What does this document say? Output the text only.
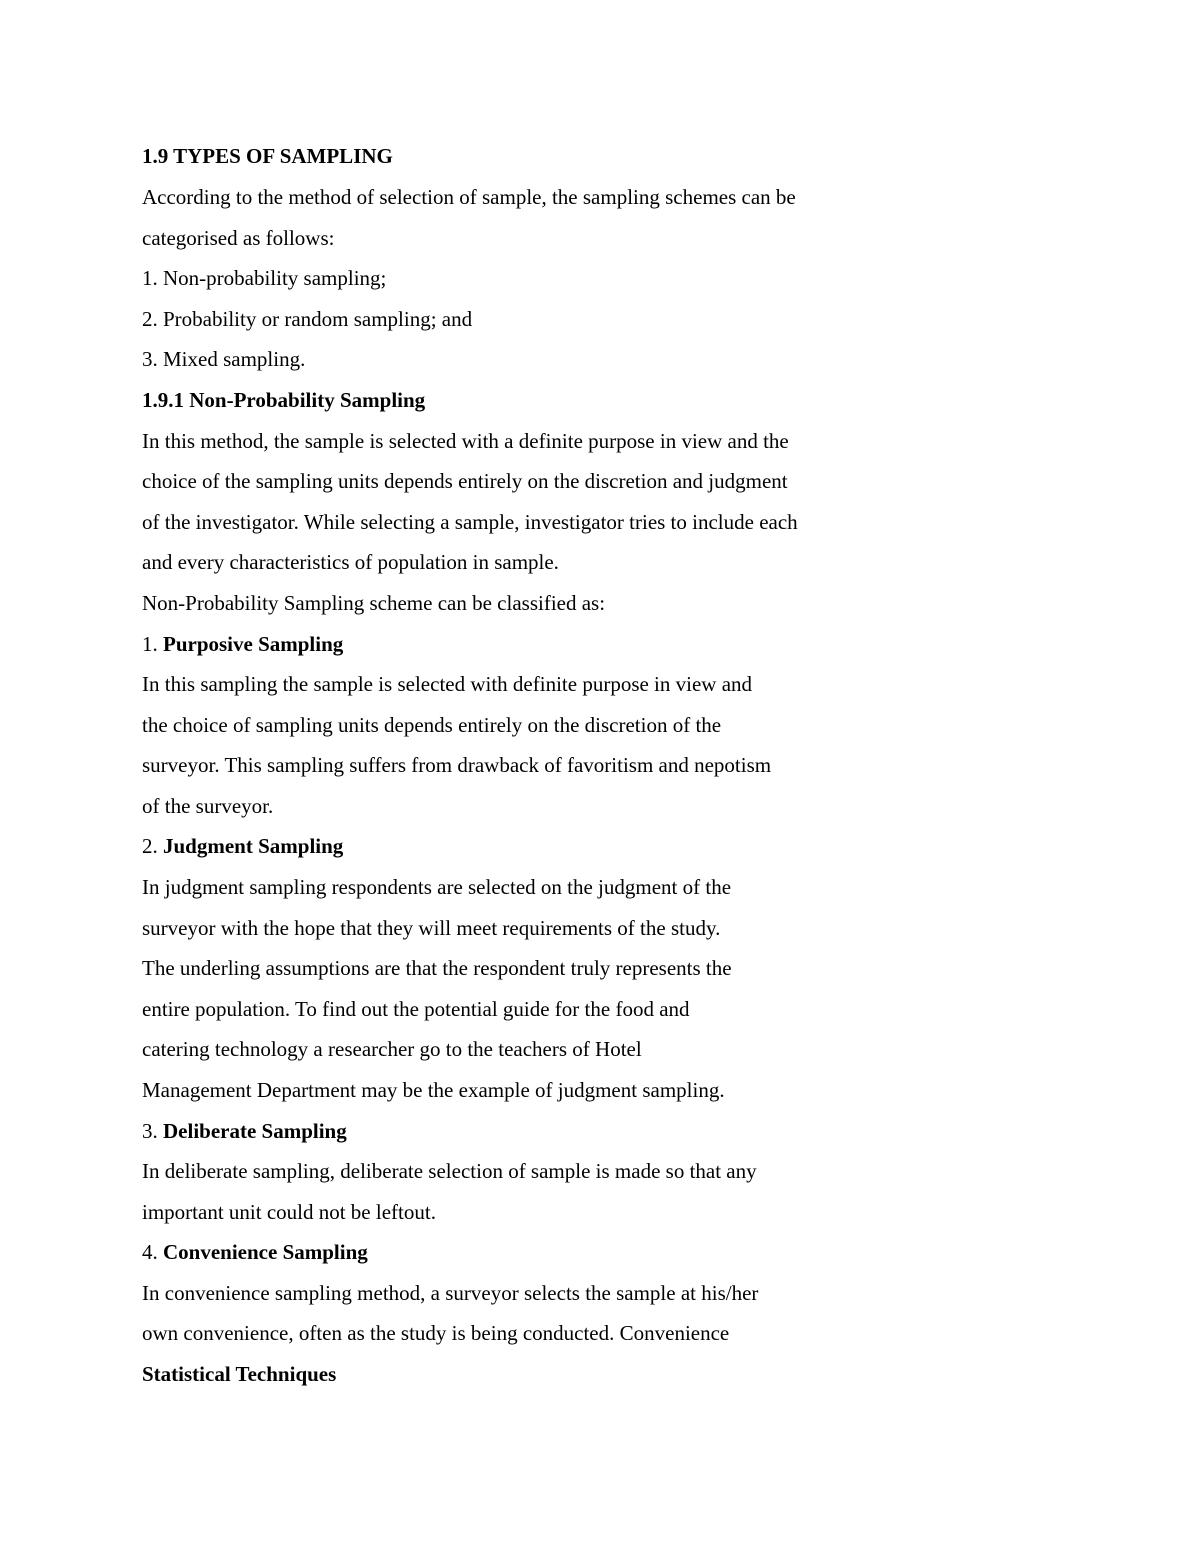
1.9 TYPES OF SAMPLING
According to the method of selection of sample, the sampling schemes can be
categorised as follows:
1. Non-probability sampling;
2. Probability or random sampling; and
3. Mixed sampling.
1.9.1 Non-Probability Sampling
In this method, the sample is selected with a definite purpose in view and the
choice of the sampling units depends entirely on the discretion and judgment
of the investigator. While selecting a sample, investigator tries to include each
and every characteristics of population in sample.
Non-Probability Sampling scheme can be classified as:
1. Purposive Sampling
In this sampling the sample is selected with definite purpose in view and
the choice of sampling units depends entirely on the discretion of the
surveyor. This sampling suffers from drawback of favoritism and nepotism
of the surveyor.
2. Judgment Sampling
In judgment sampling respondents are selected on the judgment of the
surveyor with the hope that they will meet requirements of the study.
The underling assumptions are that the respondent truly represents the
entire population. To find out the potential guide for the food and
catering technology a researcher go to the teachers of Hotel
Management Department may be the example of judgment sampling.
3. Deliberate Sampling
In deliberate sampling, deliberate selection of sample is made so that any
important unit could not be leftout.
4. Convenience Sampling
In convenience sampling method, a surveyor selects the sample at his/her
own convenience, often as the study is being conducted. Convenience
Statistical Techniques
